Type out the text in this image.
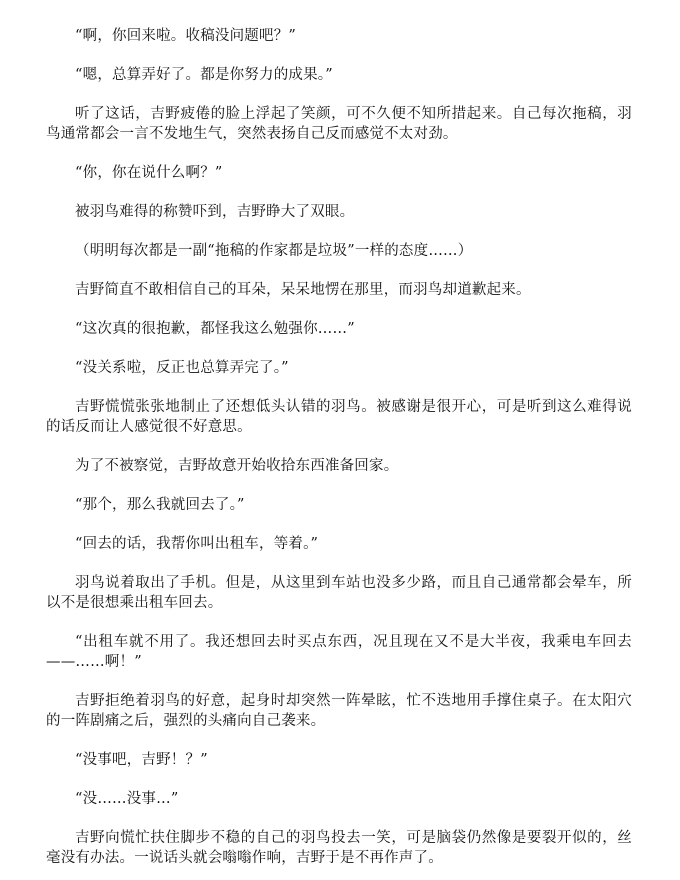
“啊，你回来啦。收稿没问题吧？”

“嗯，总算弄好了。都是你努力的成果。”

听了这话，吉野疲倦的脸上浮起了笑颜，可不久便不知所措起来。自己每次拖稿，羽鸟通常都会一言不发地生气，突然表扬自己反而感觉不太对劲。

“你，你在说什么啊？”

被羽鸟难得的称赞吓到，吉野睁大了双眼。

（明明每次都是一副“拖稿的作家都是垃圾”一样的态度……）

吉野简直不敢相信自己的耳朵，呆呆地愣在那里，而羽鸟却道歉起来。

“这次真的很抱歉，都怪我这么勉强你……”

“没关系啦，反正也总算弄完了。”

吉野慌慌张张地制止了还想低头认错的羽鸟。被感谢是很开心，可是听到这么难得说的话反而让人感觉很不好意思。

为了不被察觉，吉野故意开始收拾东西准备回家。

“那个，那么我就回去了。”

“回去的话，我帮你叫出租车，等着。”

羽鸟说着取出了手机。但是，从这里到车站也没多少路，而且自己通常都会晕车，所以不是很想乘出租车回去。

“出租车就不用了。我还想回去时买点东西，况且现在又不是大半夜，我乘电车回去——……啊！”

吉野拒绝着羽鸟的好意，起身时却突然一阵晕眩，忙不迭地用手撑住桌子。在太阳穴的一阵剧痛之后，强烈的头痛向自己袭来。

“没事吧，吉野！？”

“没……没事…”

吉野向慌忙扶住脚步不稳的自己的羽鸟投去一笑，可是脑袋仍然像是要裂开似的，丝毫没有办法。一说话头就会嗡嗡作响，吉野于是不再作声了。
